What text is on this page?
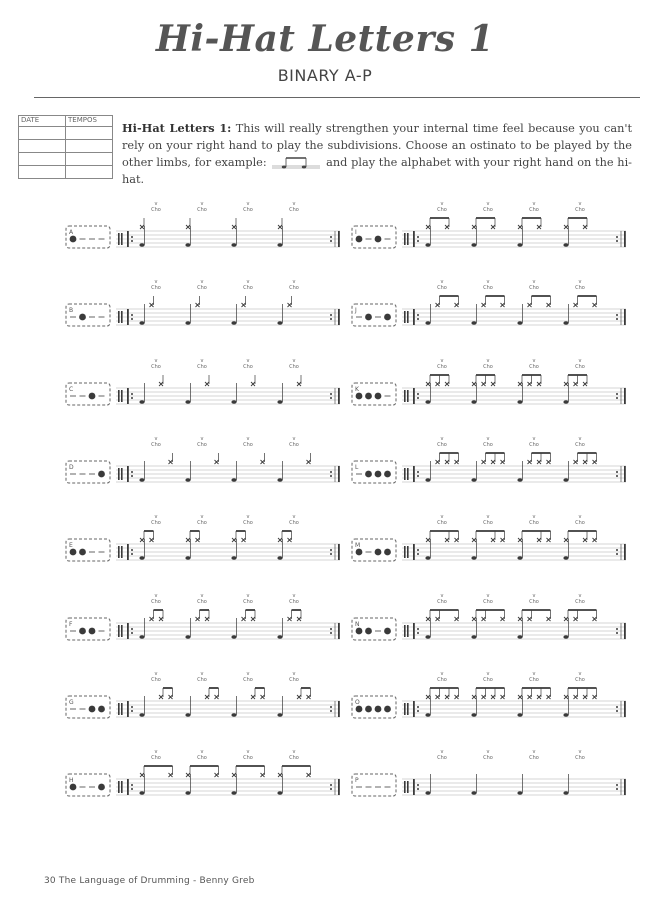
Hi-Hat Letters 1
BINARY A-P
DATE	TEMPOS

Hi-Hat Letters 1: This will really strengthen your internal time feel because you can't rely on your right hand to play the subdivisions. Choose an ostinato to be played by the other limbs, for example:	and play the alphabet with your right hand on the hi-hat.
A
Cho
v
Cho
v
Cho
v
Cho
v
B
Cho
v
Cho
v
Cho
v
Cho
v
C
Cho
v
Cho
v
Cho
v
Cho
v
D
Cho
v
Cho
v
Cho
v
Cho
v
E
Cho
v
Cho
v
Cho
v
Cho
v
F
Cho
v
Cho
v
Cho
v
Cho
v
G
Cho
v
Cho
v
Cho
v
Cho
v
H
Cho
v
Cho
v
Cho
v
Cho
v
I
Cho
v
Cho
v
Cho
v
Cho
v
J
Cho
v
Cho
v
Cho
v
Cho
v
K
Cho
v
Cho
v
Cho
v
Cho
v
L
Cho
v
Cho
v
Cho
v
Cho
v
M
Cho
v
Cho
v
Cho
v
Cho
v
N
Cho
v
Cho
v
Cho
v
Cho
v
O
Cho
v
Cho
v
Cho
v
Cho
v
P
Cho
v
Cho
v
Cho
v
Cho
v
30 The Language of Drumming - Benny Greb
